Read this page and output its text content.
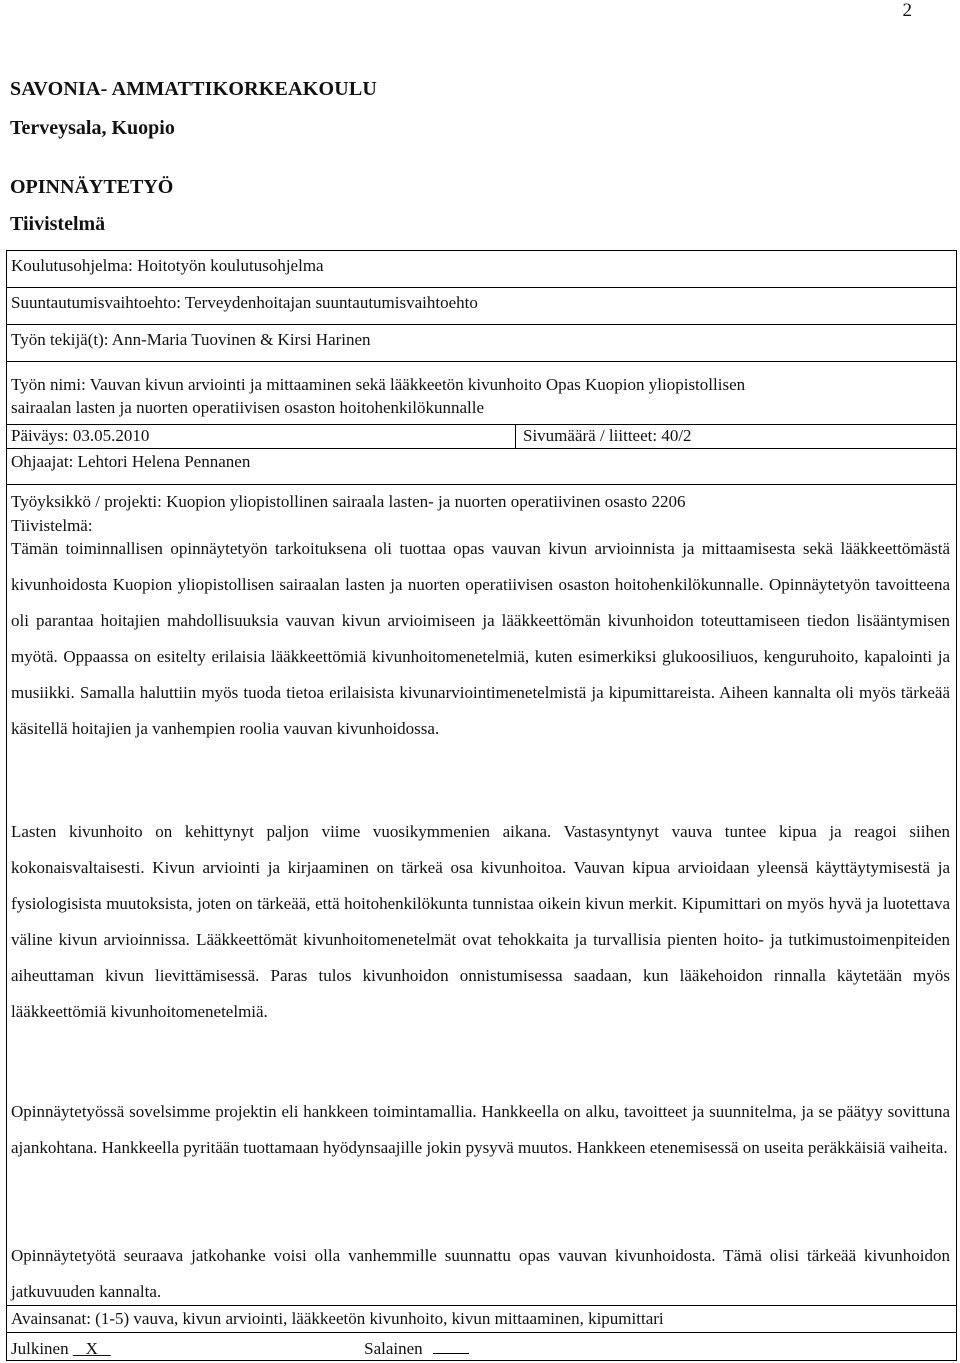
2
SAVONIA- AMMATTIKORKEAKOULU
Terveysala, Kuopio
OPINNÄYTETYÖ
Tiivistelmä
Koulutusohjelma: Hoitotyön koulutusohjelma
Suuntautumisvaihtoehto: Terveydenhoitajan suuntautumisvaihtoehto
Työn tekijä(t): Ann-Maria Tuovinen & Kirsi Harinen
Työn nimi: Vauvan kivun arviointi ja mittaaminen sekä lääkkeetön kivunhoito Opas Kuopion yliopistollisen
sairaalan lasten ja nuorten operatiivisen osaston hoitohenkilökunnalle
Päiväys: 03.05.2010	Sivumäärä / liitteet: 40/2
Ohjaajat: Lehtori Helena Pennanen
Työyksikkö / projekti: Kuopion yliopistollinen sairaala lasten- ja nuorten operatiivinen osasto 2206
Tiivistelmä:
Tämän toiminnallisen opinnäytetyön tarkoituksena oli tuottaa opas vauvan kivun arvioinnista ja mittaamisesta sekä lääkkeettömästä kivunhoidosta Kuopion yliopistollisen sairaalan lasten ja nuorten operatiivisen osaston hoitohenkilökunnalle. Opinnäytetyön tavoitteena oli parantaa hoitajien mahdollisuuksia vauvan kivun arvioimiseen ja lääkkeettömän kivunhoidon toteuttamiseen tiedon lisääntymisen myötä. Oppaassa on esitelty erilaisia lääkkeettömiä kivunhoitomenetelmiä, kuten esimerkiksi glukoosiliuos, kenguruhoito, kapalointi ja musiikki. Samalla haluttiin myös tuoda tietoa erilaisista kivunarviointimenetelmistä ja kipumittareista. Aiheen kannalta oli myös tärkeää käsitellä hoitajien ja vanhempien roolia vauvan kivunhoidossa.
Lasten kivunhoito on kehittynyt paljon viime vuosikymmenien aikana. Vastasyntynyt vauva tuntee kipua ja reagoi siihen kokonaisvaltaisesti. Kivun arviointi ja kirjaaminen on tärkeä osa kivunhoitoa. Vauvan kipua arvioidaan yleensä käyttäytymisestä ja fysiologisista muutoksista, joten on tärkeää, että hoitohenkilökunta tunnistaa oikein kivun merkit. Kipumittari on myös hyvä ja luotettava väline kivun arvioinnissa. Lääkkeettömät kivunhoitomenetelmät ovat tehokkaita ja turvallisia pienten hoito- ja tutkimustoimenpiteiden aiheuttaman kivun lievittämisessä. Paras tulos kivunhoidon onnistumisessa saadaan, kun lääkehoidon rinnalla käytetään myös lääkkeettömiä kivunhoitomenetelmiä.
Opinnäytetyössä sovelsimme projektin eli hankkeen toimintamallia. Hankkeella on alku, tavoitteet ja suunnitelma, ja se päätyy sovittuna ajankohtana. Hankkeella pyritään tuottamaan hyödynsaajille jokin pysyvä muutos. Hankkeen etenemisessä on useita peräkkäisiä vaiheita.
Opinnäytetyötä seuraava jatkohanke voisi olla vanhemmille suunnattu opas vauvan kivunhoidosta. Tämä olisi tärkeää kivunhoidon jatkuvuuden kannalta.
Avainsanat: (1-5) vauva, kivun arviointi, lääkkeetön kivunhoito, kivun mittaaminen, kipumittari
Julkinen  _X_	Salainen
